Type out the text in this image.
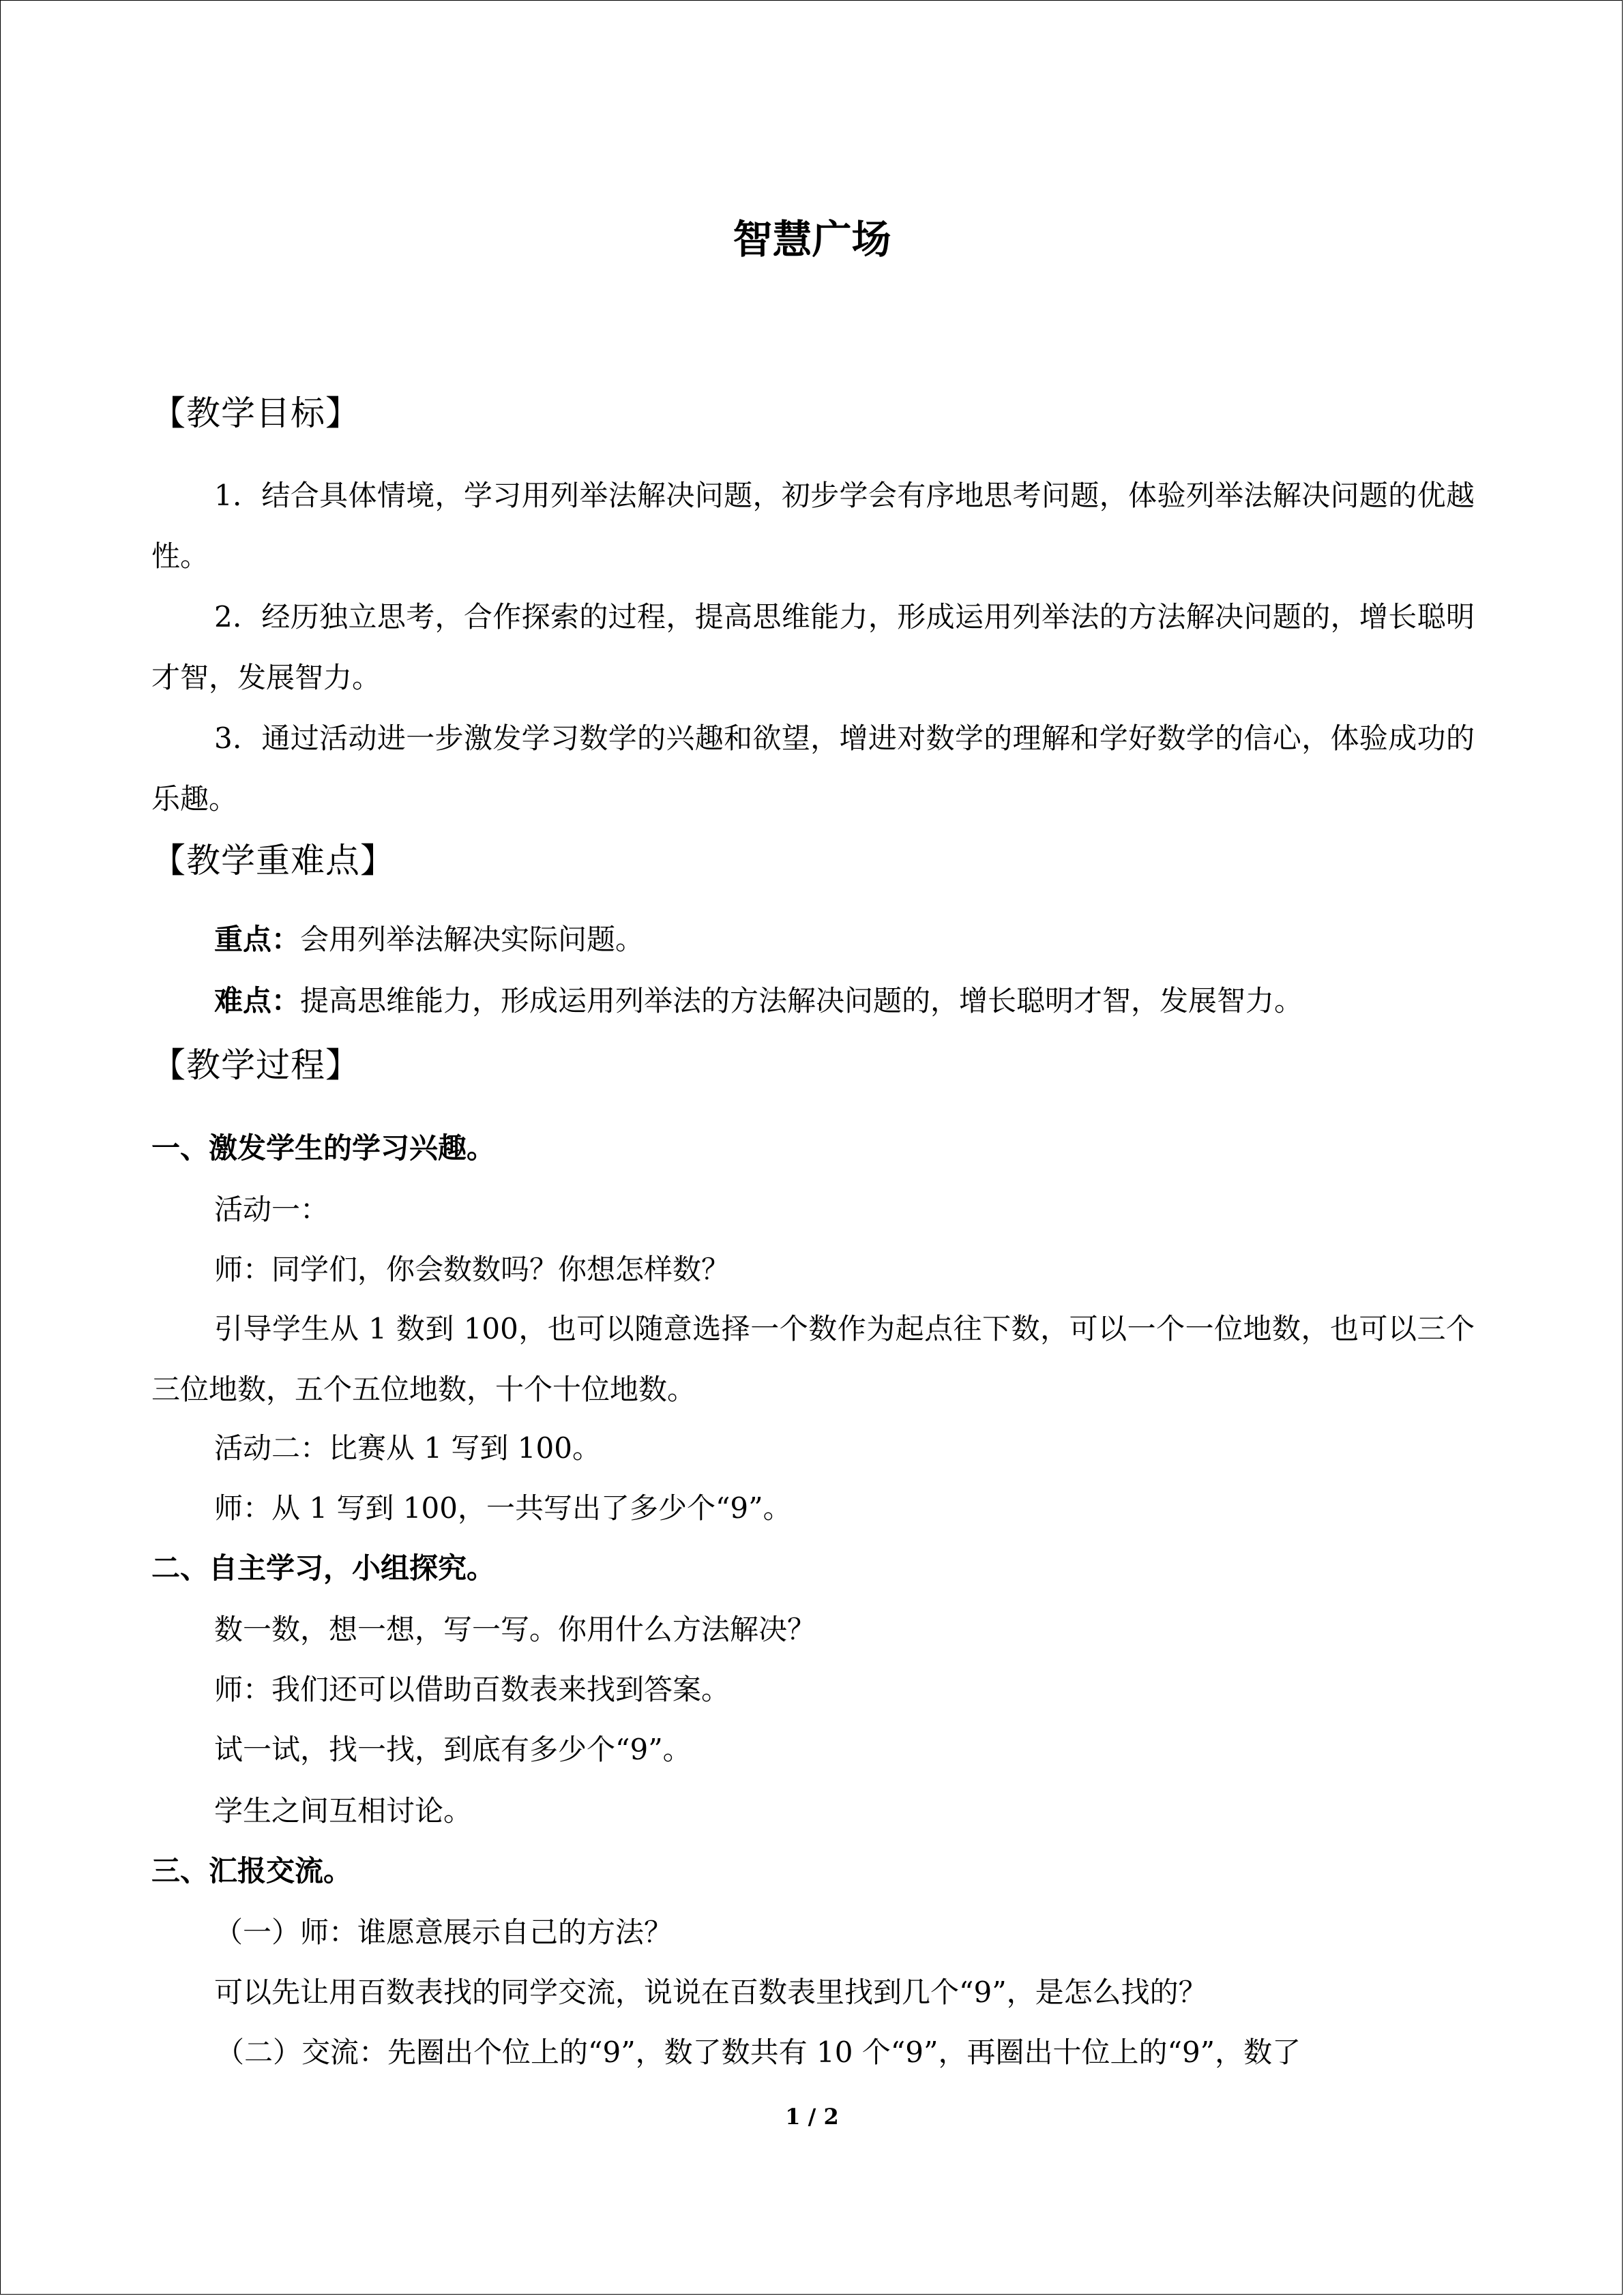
智慧广场
【教学目标】
1．结合具体情境，学习用列举法解决问题，初步学会有序地思考问题，体验列举法解决问题的优越性。
2．经历独立思考，合作探索的过程，提高思维能力，形成运用列举法的方法解决问题的，增长聪明才智，发展智力。
3．通过活动进一步激发学习数学的兴趣和欲望，增进对数学的理解和学好数学的信心，体验成功的乐趣。
【教学重难点】
重点：会用列举法解决实际问题。
难点：提高思维能力，形成运用列举法的方法解决问题的，增长聪明才智，发展智力。
【教学过程】
一、激发学生的学习兴趣。
活动一：
师：同学们，你会数数吗？你想怎样数？
引导学生从 1 数到 100，也可以随意选择一个数作为起点往下数，可以一个一位地数，也可以三个三位地数，五个五位地数，十个十位地数。
活动二：比赛从 1 写到 100。
师：从 1 写到 100，一共写出了多少个“9”。
二、自主学习，小组探究。
数一数，想一想，写一写。你用什么方法解决？
师：我们还可以借助百数表来找到答案。
试一试，找一找，到底有多少个“9”。
学生之间互相讨论。
三、汇报交流。
（一）师：谁愿意展示自己的方法？
可以先让用百数表找的同学交流，说说在百数表里找到几个“9”，是怎么找的？
（二）交流：先圈出个位上的“9”，数了数共有 10 个“9”，再圈出十位上的“9”，数了
1 / 2
